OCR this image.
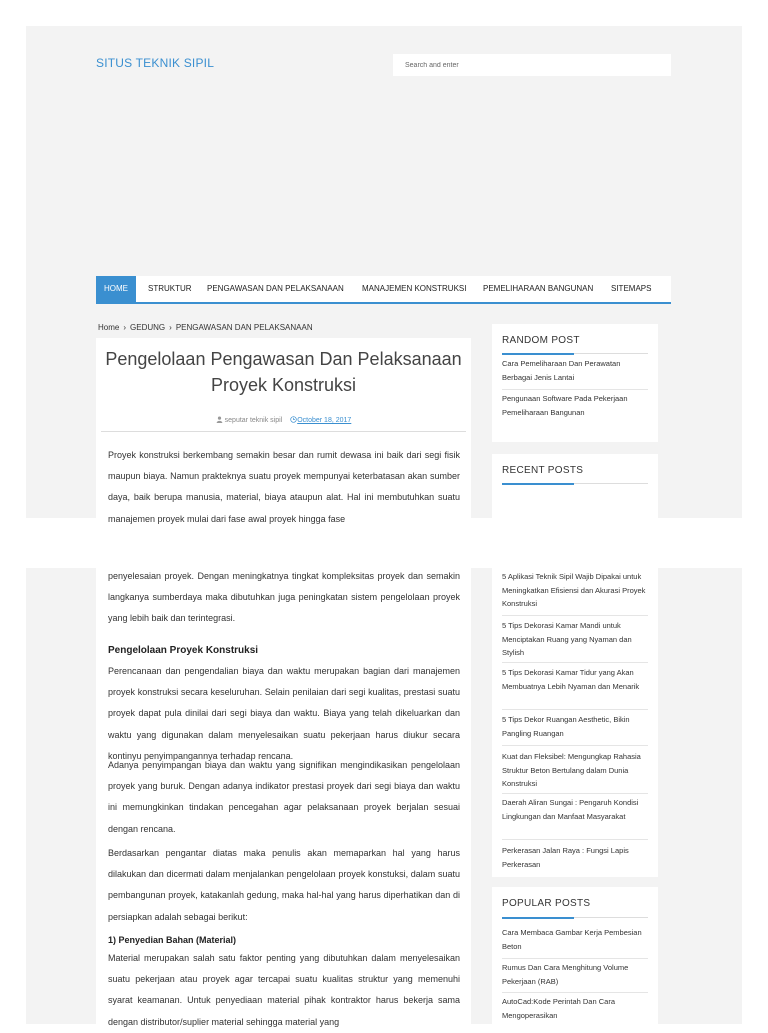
SITUS TEKNIK SIPIL
Search and enter
HOME	STRUKTUR PENGAWASAN DAN PELAKSANAAN MANAJEMEN KONSTRUKSI PEMELIHARAAN BANGUNAN SITEMAPS
Home › GEDUNG › PENGAWASAN DAN PELAKSANAAN
Pengelolaan Pengawasan Dan Pelaksanaan
Proyek Konstruksi
seputar teknik sipil October 18, 2017

Proyek konstruksi berkembang semakin besar dan rumit dewasa ini baik dari segi fisik maupun biaya. Namun prakteknya suatu proyek mempunyai keterbatasan akan sumber daya, baik berupa manusia, material, biaya ataupun alat. Hal ini membutuhkan suatu manajemen proyek mulai dari fase awal proyek hingga fase

RANDOM POST
Cara Pemeliharaan Dan Perawatan Berbagai Jenis Lantai
Pengunaan Software Pada Pekerjaan Pemeliharaan Bangunan
RECENT POSTS

penyelesaian proyek. Dengan meningkatnya tingkat kompleksitas proyek dan semakin langkanya sumberdaya maka dibutuhkan juga peningkatan sistem pengelolaan proyek yang lebih baik dan terintegrasi.

Pengelolaan Proyek Konstruksi

Perencanaan dan pengendalian biaya dan waktu merupakan bagian dari manajemen proyek konstruksi secara keseluruhan. Selain penilaian dari segi kualitas, prestasi suatu proyek dapat pula dinilai dari segi biaya dan waktu. Biaya yang telah dikeluarkan dan waktu yang digunakan dalam menyelesaikan suatu pekerjaan harus diukur secara kontinyu penyimpangannya terhadap rencana.

Adanya penyimpangan biaya dan waktu yang signifikan mengindikasikan pengelolaan proyek yang buruk. Dengan adanya indikator prestasi proyek dari segi biaya dan waktu ini memungkinkan tindakan pencegahan agar pelaksanaan proyek berjalan sesuai dengan rencana.

Berdasarkan pengantar diatas maka penulis akan memaparkan hal yang harus dilakukan dan dicermati dalam menjalankan pengelolaan proyek konstuksi, dalam suatu pembangunan proyek, katakanlah gedung, maka hal-hal yang harus diperhatikan dan di persiapkan adalah sebagai berikut:

1) Penyedian Bahan (Material)

Material merupakan salah satu faktor penting yang dibutuhkan dalam menyelesaikan suatu pekerjaan atau proyek agar tercapai suatu kualitas struktur yang memenuhi syarat keamanan. Untuk penyediaan material pihak kontraktor harus bekerja sama dengan distributor/suplier material sehingga material yang

5 Aplikasi Teknik Sipil Wajib Dipakai untuk Meningkatkan Efisiensi dan Akurasi Proyek Konstruksi
5 Tips Dekorasi Kamar Mandi untuk Menciptakan Ruang yang Nyaman dan Stylish
5 Tips Dekorasi Kamar Tidur yang Akan Membuatnya Lebih Nyaman dan Menarik
5 Tips Dekor Ruangan Aesthetic, Bikin Pangling Ruangan
Kuat dan Fleksibel: Mengungkap Rahasia Struktur Beton Bertulang dalam Dunia Konstruksi
Daerah Aliran Sungai : Pengaruh Kondisi Lingkungan dan Manfaat Masyarakat
Perkerasan Jalan Raya : Fungsi Lapis Perkerasan
POPULAR POSTS
Cara Membaca Gambar Kerja Pembesian Beton
Rumus Dan Cara Menghitung Volume Pekerjaan (RAB)
AutoCad:Kode Perintah Dan Cara Mengoperasikan
